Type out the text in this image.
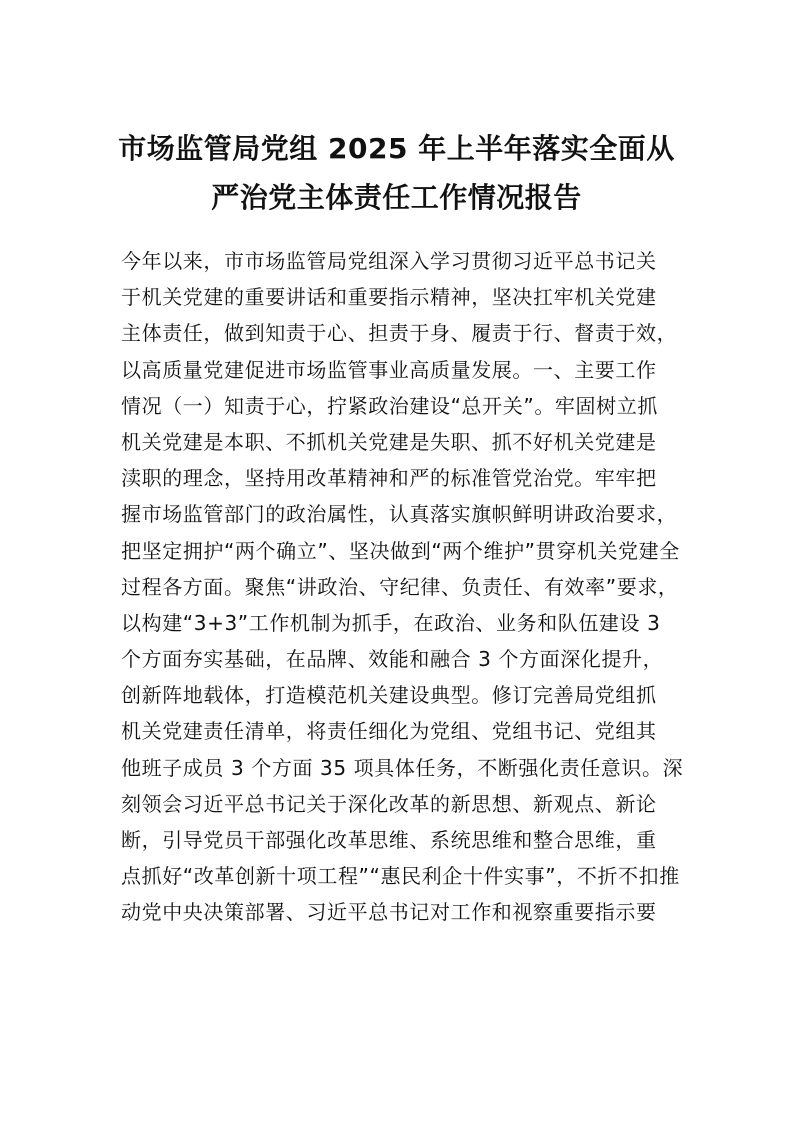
市场监管局党组 2025 年上半年落实全面从
严治党主体责任工作情况报告
今年以来，市市场监管局党组深入学习贯彻习近平总书记关
于机关党建的重要讲话和重要指示精神，坚决扛牢机关党建
主体责任，做到知责于心、担责于身、履责于行、督责于效，
以高质量党建促进市场监管事业高质量发展。一、主要工作
情况（一）知责于心，拧紧政治建设“总开关”。牢固树立抓
机关党建是本职、不抓机关党建是失职、抓不好机关党建是
渎职的理念，坚持用改革精神和严的标准管党治党。牢牢把
握市场监管部门的政治属性，认真落实旗帜鲜明讲政治要求，
把坚定拥护“两个确立”、坚决做到“两个维护”贯穿机关党建全
过程各方面。聚焦“讲政治、守纪律、负责任、有效率”要求，
以构建“3+3”工作机制为抓手，在政治、业务和队伍建设 3
个方面夯实基础，在品牌、效能和融合 3 个方面深化提升，
创新阵地载体，打造模范机关建设典型。修订完善局党组抓
机关党建责任清单，将责任细化为党组、党组书记、党组其
他班子成员 3 个方面 35 项具体任务，不断强化责任意识。深
刻领会习近平总书记关于深化改革的新思想、新观点、新论
断，引导党员干部强化改革思维、系统思维和整合思维，重
点抓好“改革创新十项工程”“惠民利企十件实事”，不折不扣推
动党中央决策部署、习近平总书记对工作和视察重要指示要
